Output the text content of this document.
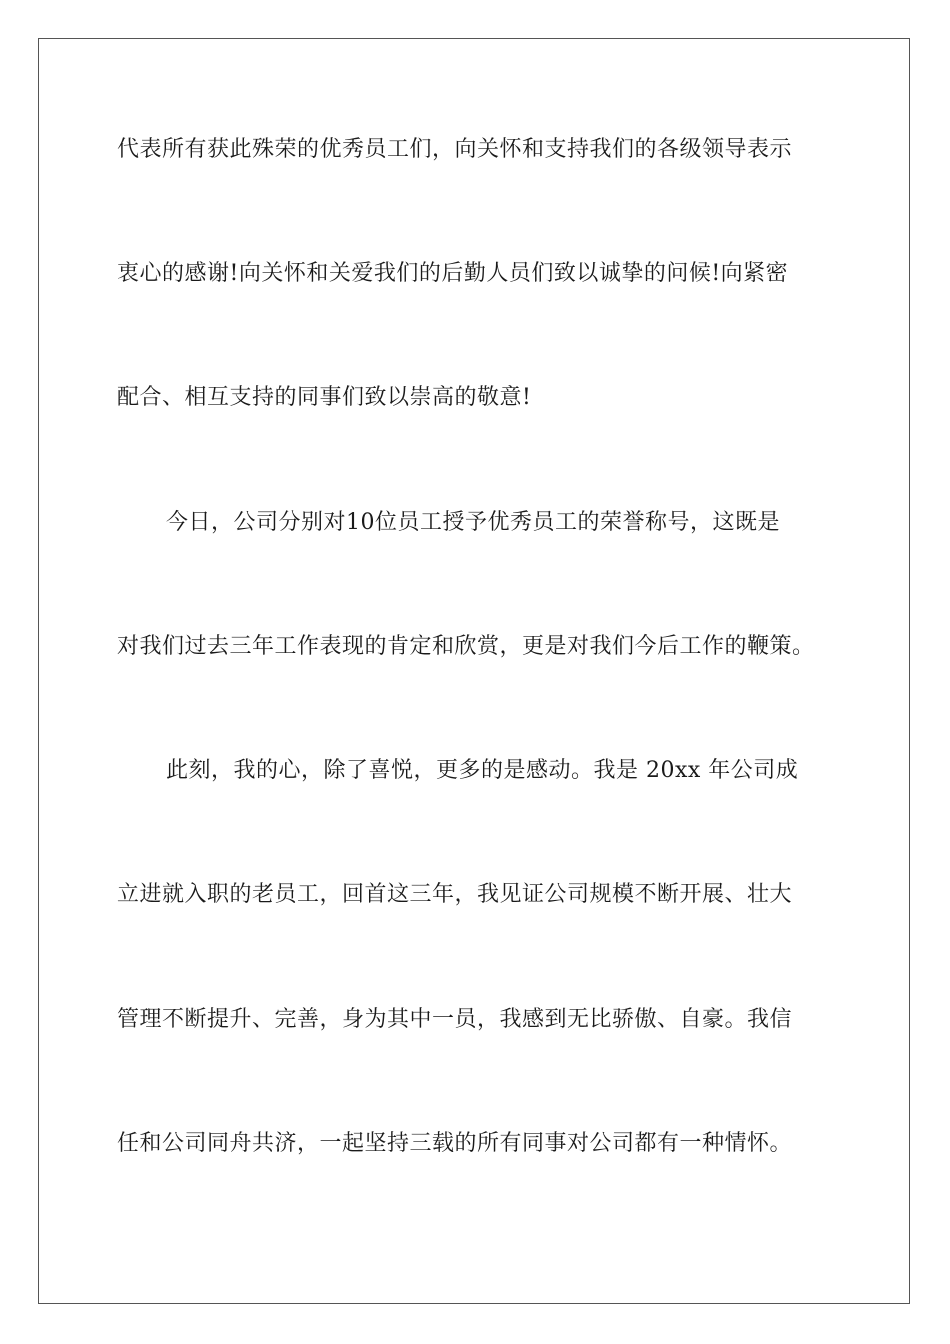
代表所有获此殊荣的优秀员工们，向关怀和支持我们的各级领导表示
衷心的感谢!向关怀和关爱我们的后勤人员们致以诚挚的问候!向紧密
配合、相互支持的同事们致以崇高的敬意!
今日，公司分别对10位员工授予优秀员工的荣誉称号，这既是
对我们过去三年工作表现的肯定和欣赏，更是对我们今后工作的鞭策。
此刻，我的心，除了喜悦，更多的是感动。我是 20xx 年公司成
立进就入职的老员工，回首这三年，我见证公司规模不断开展、壮大
管理不断提升、完善，身为其中一员，我感到无比骄傲、自豪。我信
任和公司同舟共济，一起坚持三载的所有同事对公司都有一种情怀。
